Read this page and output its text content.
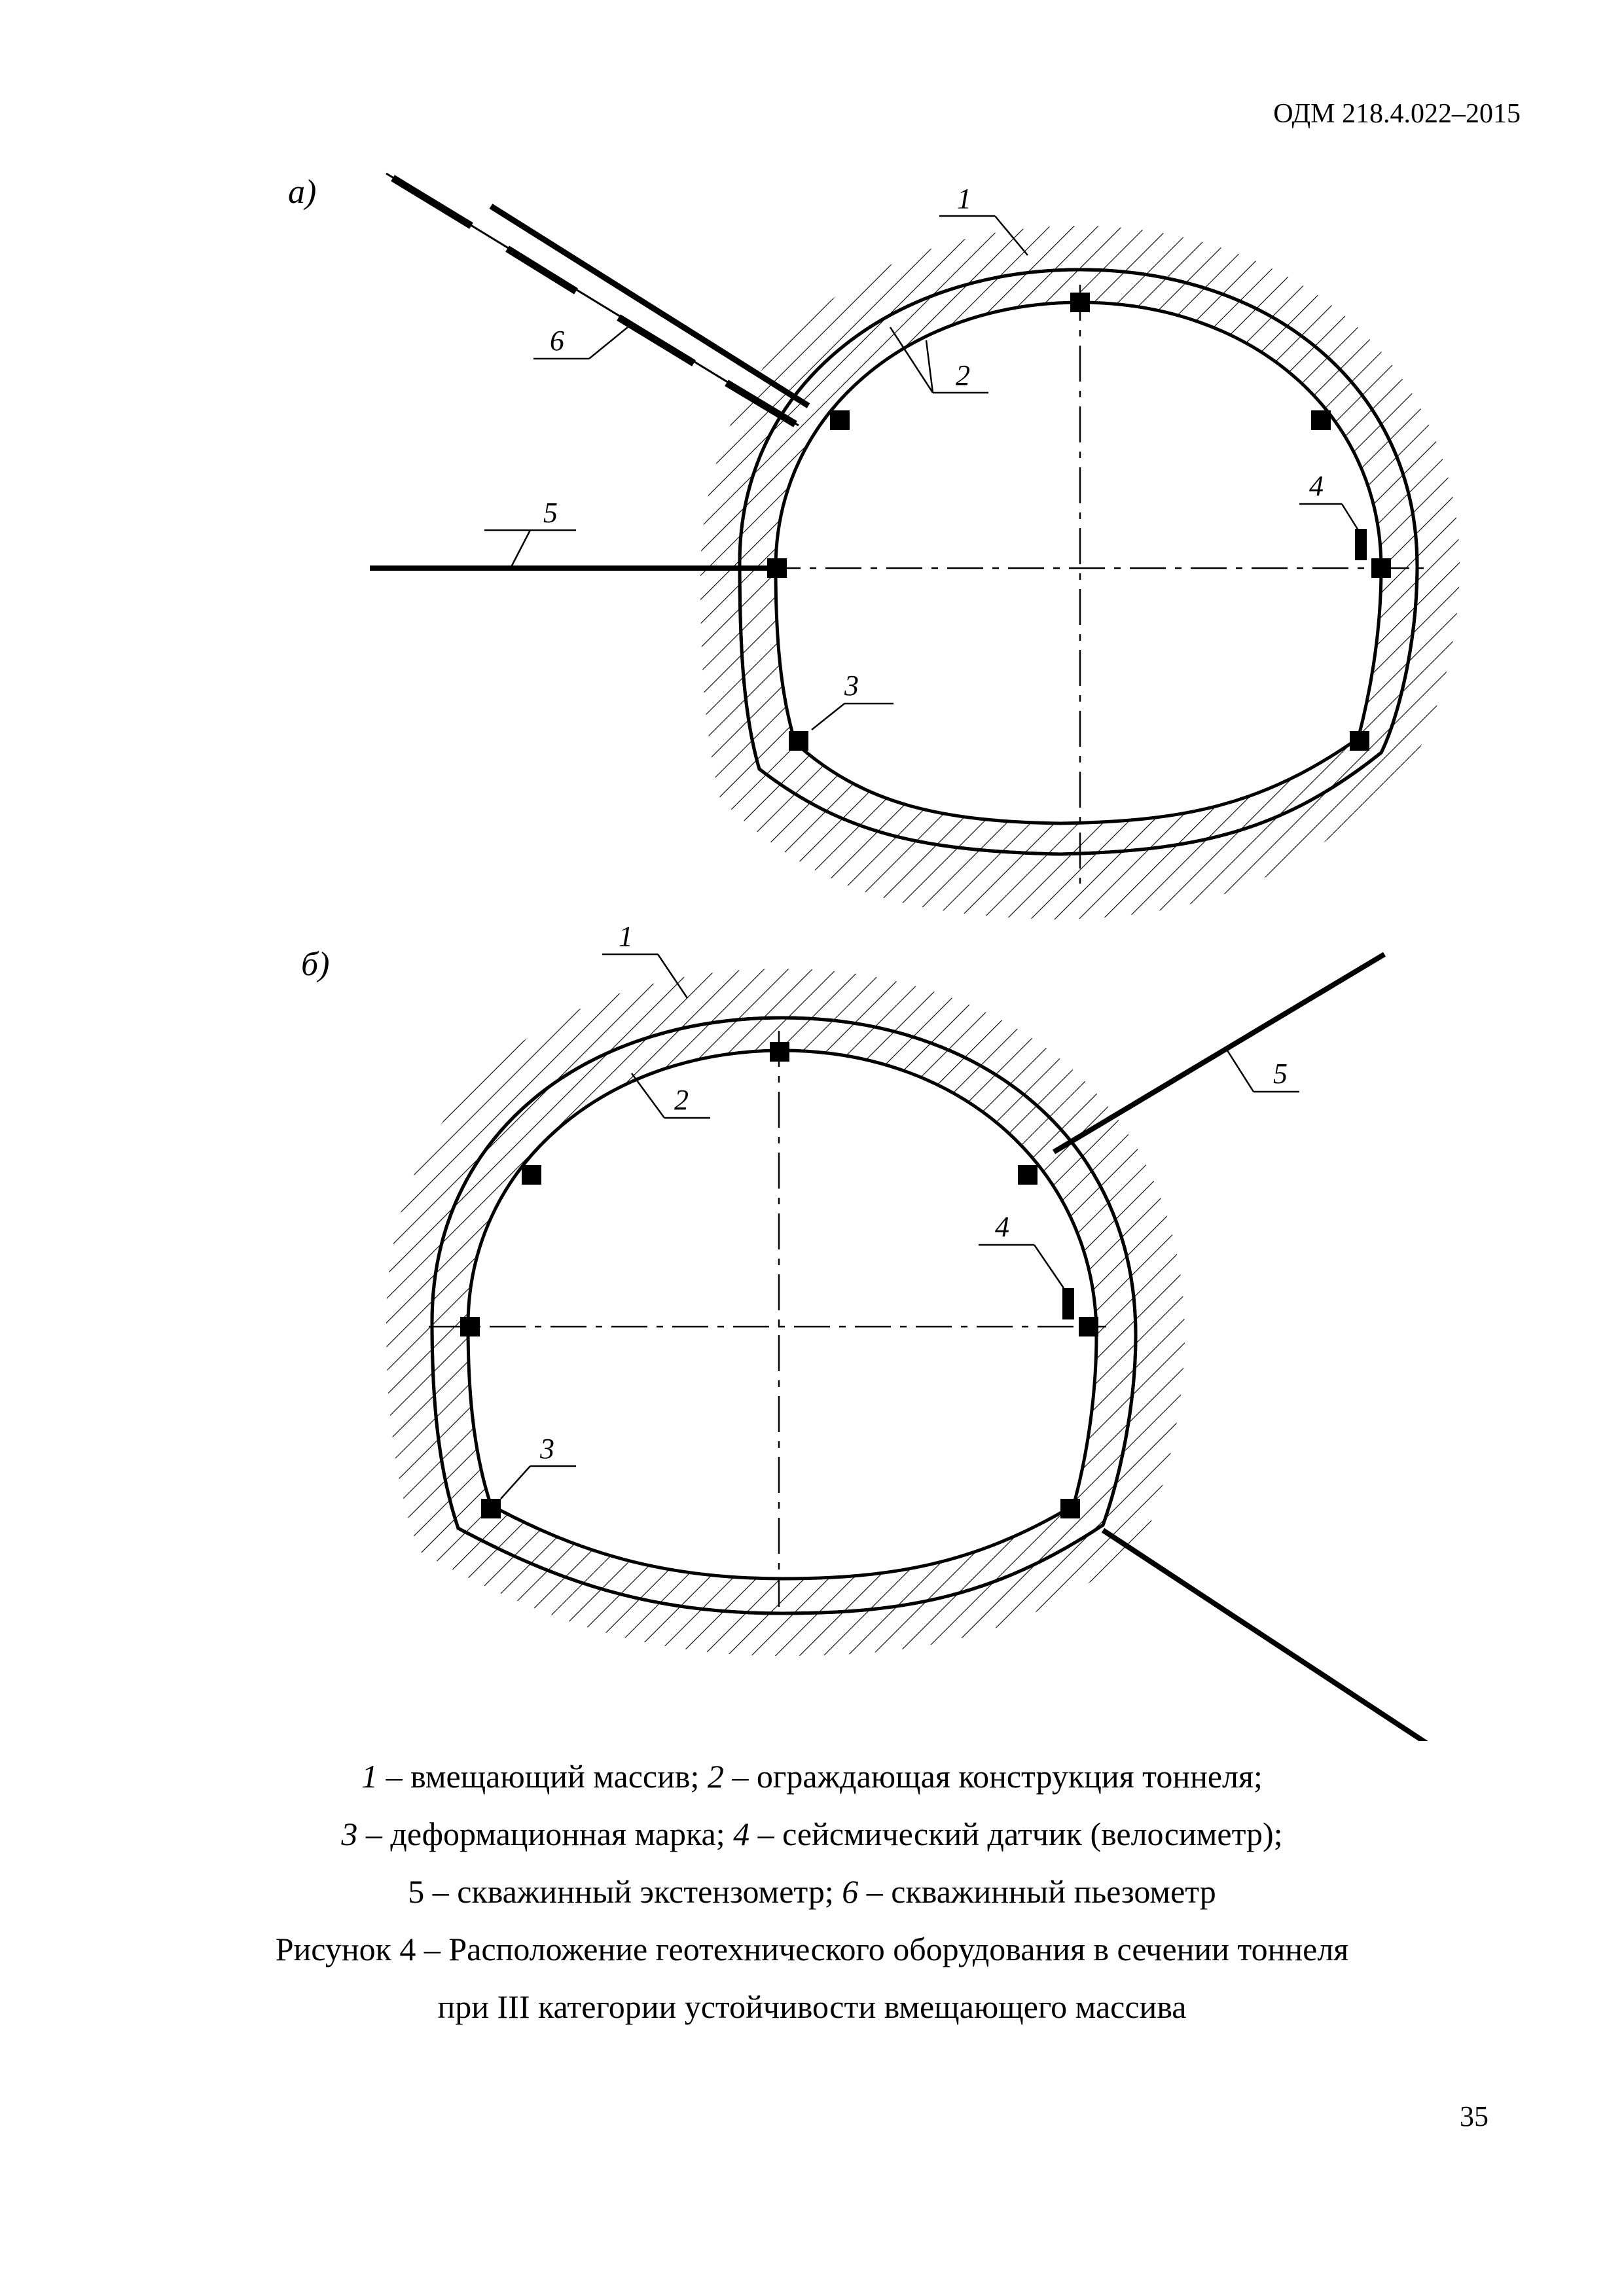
ОДМ 218.4.022–2015
а)	1
2
3
4
5
6
б)
1
2
3
4
5
1 – вмещающий массив; 2 – ограждающая конструкция тоннеля;
3 – деформационная марка; 4 – сейсмический датчик (велосиметр);
5 – скважинный экстензометр; 6 – скважинный пьезометр
Рисунок 4 – Расположение геотехнического оборудования в сечении тоннеля
при III категории устойчивости вмещающего массива
35
